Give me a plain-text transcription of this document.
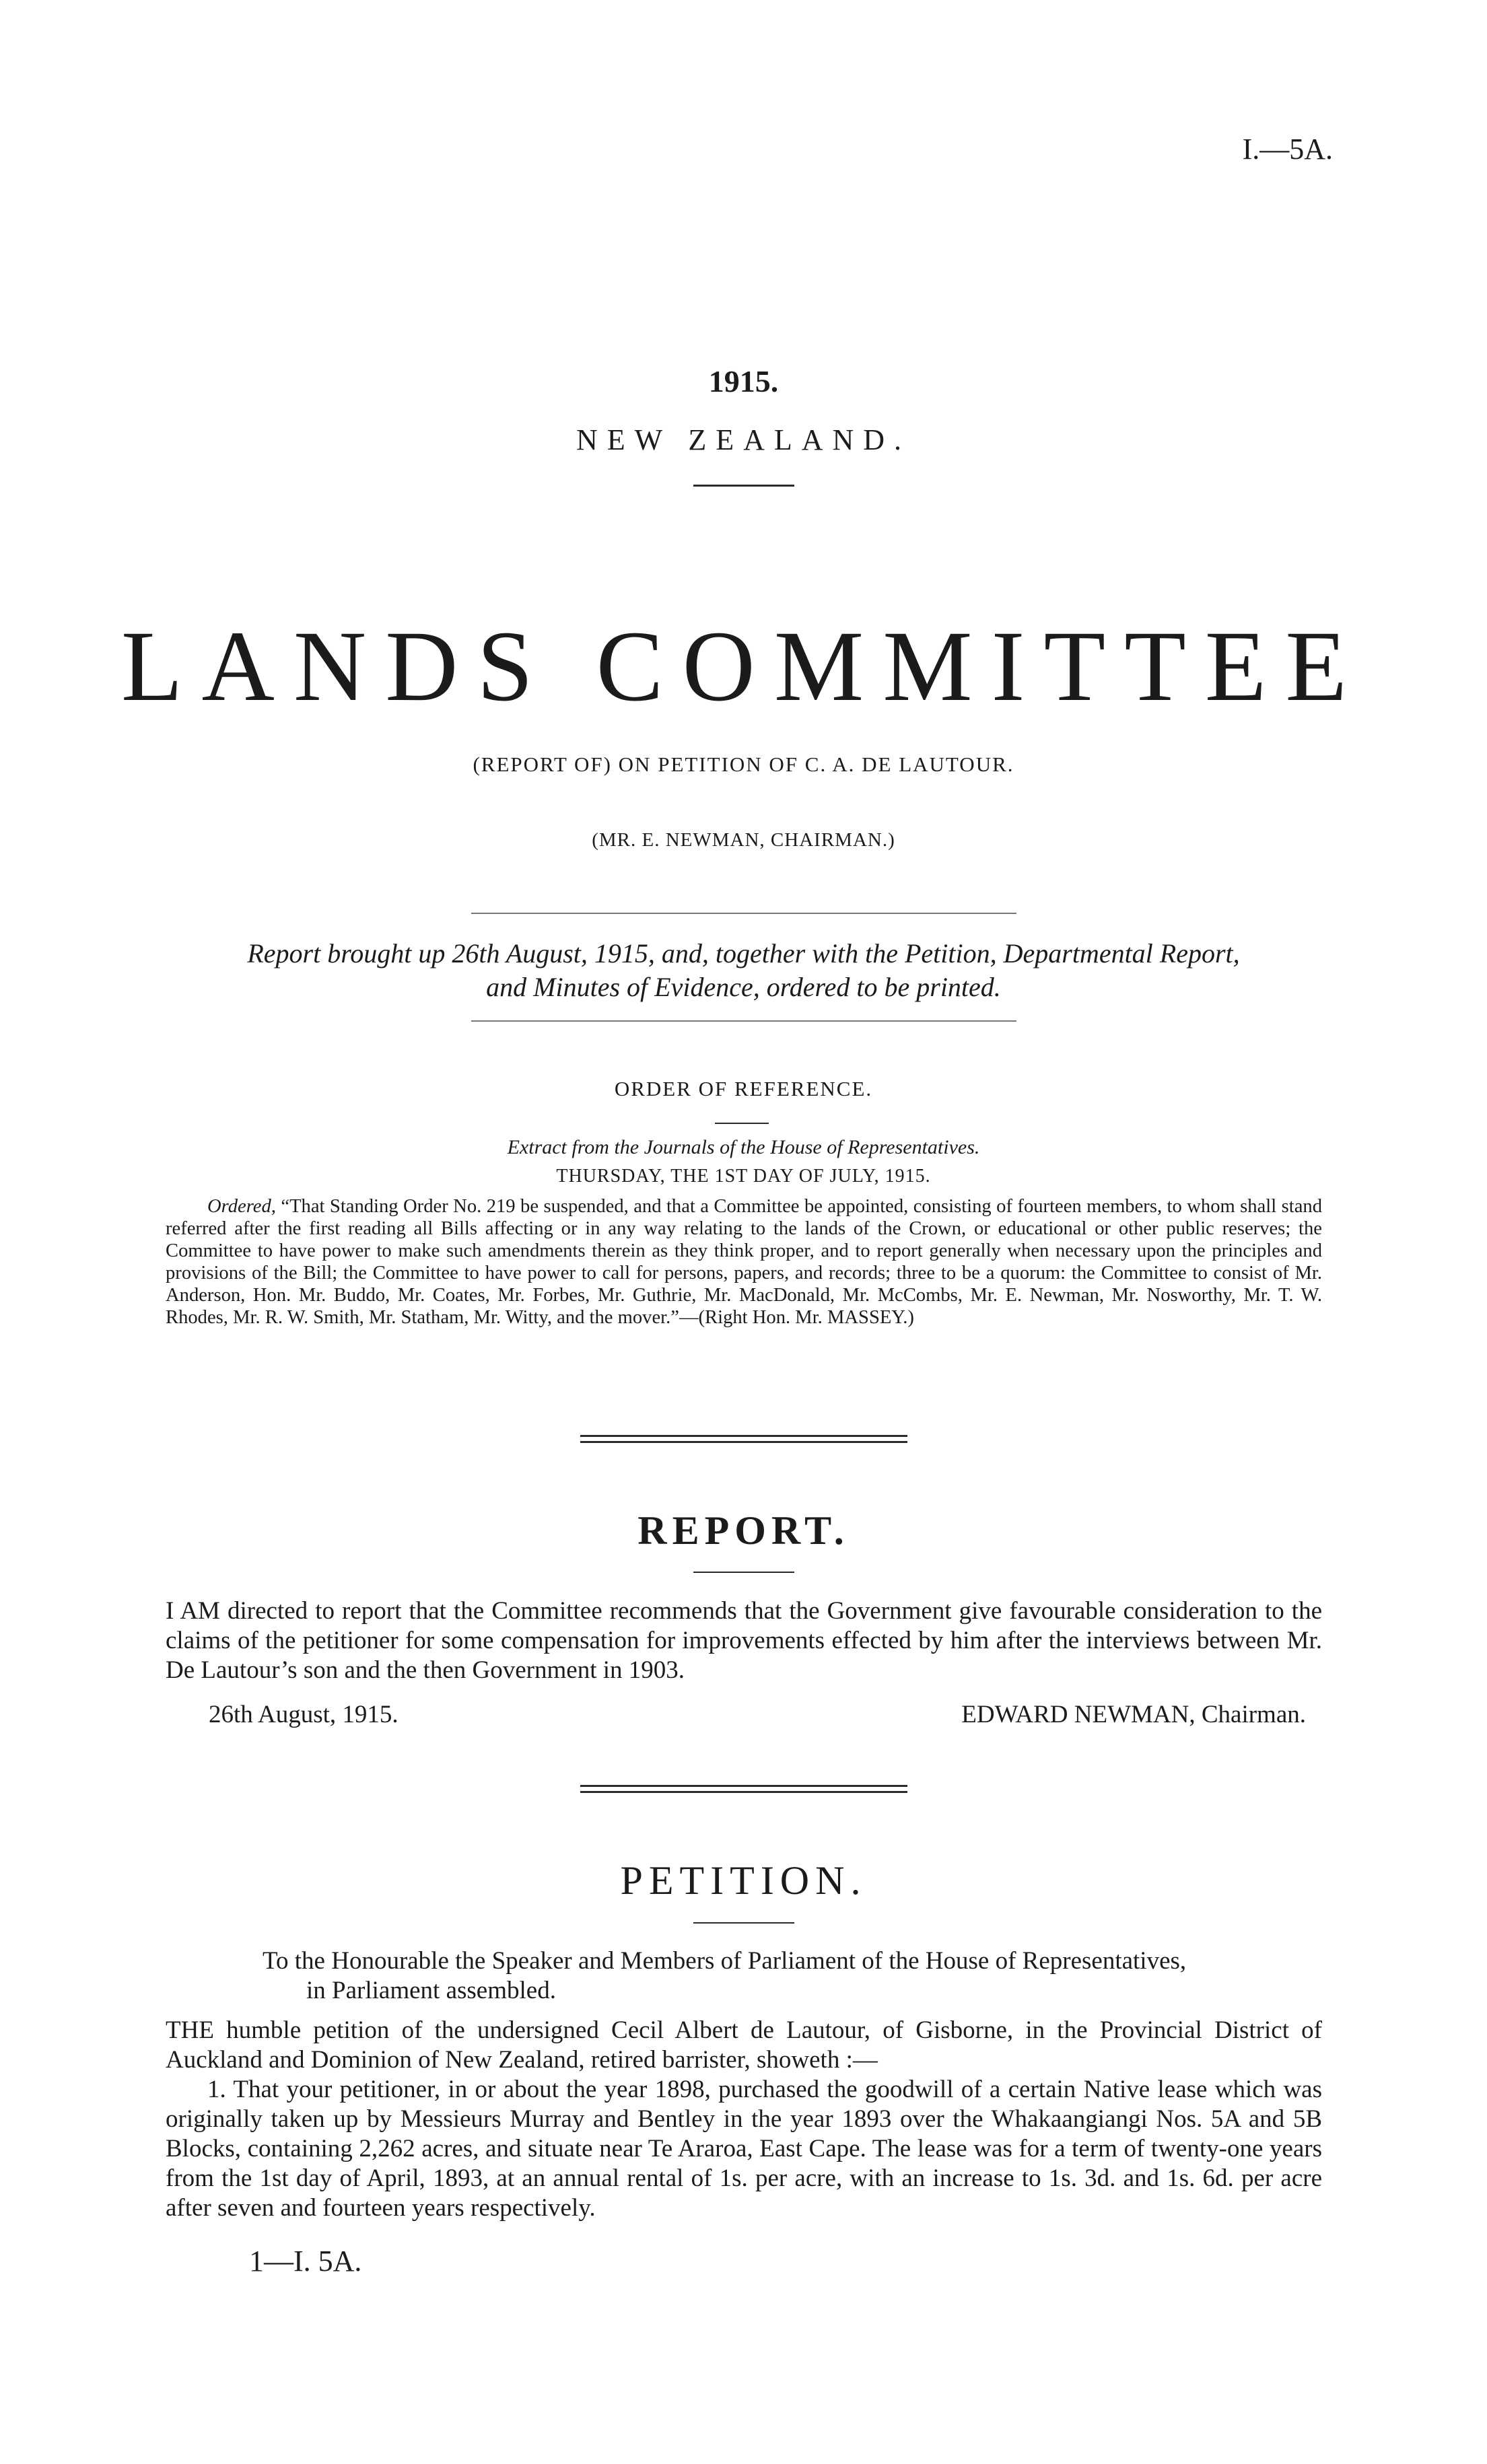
I.—5A.
1915.
NEW ZEALAND.
LANDS COMMITTEE
(REPORT OF) ON PETITION OF C. A. DE LAUTOUR.
(MR. E. NEWMAN, CHAIRMAN.)
Report brought up 26th August, 1915, and, together with the Petition, Departmental Report,
and Minutes of Evidence, ordered to be printed.
ORDER OF REFERENCE.
Extract from the Journals of the House of Representatives.
THURSDAY, THE 1ST DAY OF JULY, 1915.
Ordered, “That Standing Order No. 219 be suspended, and that a Committee be appointed, consisting of fourteen members, to whom shall stand referred after the first reading all Bills affecting or in any way relating to the lands of the Crown, or educational or other public reserves; the Committee to have power to make such amendments therein as they think proper, and to report generally when necessary upon the principles and provisions of the Bill; the Committee to have power to call for persons, papers, and records; three to be a quorum: the Committee to consist of Mr. Anderson, Hon. Mr. Buddo, Mr. Coates, Mr. Forbes, Mr. Guthrie, Mr. MacDonald, Mr. McCombs, Mr. E. Newman, Mr. Nosworthy, Mr. T. W. Rhodes, Mr. R. W. Smith, Mr. Statham, Mr. Witty, and the mover.”—(Right Hon. Mr. MASSEY.)
REPORT.
I AM directed to report that the Committee recommends that the Government give favourable consideration to the claims of the petitioner for some compensation for improvements effected by him after the interviews between Mr. De Lautour’s son and the then Government in 1903.
26th August, 1915.	EDWARD NEWMAN, Chairman.
PETITION.
To the Honourable the Speaker and Members of Parliament of the House of Representatives,
in Parliament assembled.
THE humble petition of the undersigned Cecil Albert de Lautour, of Gisborne, in the Provincial District of Auckland and Dominion of New Zealand, retired barrister, showeth :—
1. That your petitioner, in or about the year 1898, purchased the goodwill of a certain Native lease which was originally taken up by Messieurs Murray and Bentley in the year 1893 over the Whakaangiangi Nos. 5A and 5B Blocks, containing 2,262 acres, and situate near Te Araroa, East Cape. The lease was for a term of twenty-one years from the 1st day of April, 1893, at an annual rental of 1s. per acre, with an increase to 1s. 3d. and 1s. 6d. per acre after seven and fourteen years respectively.
1—I. 5A.
